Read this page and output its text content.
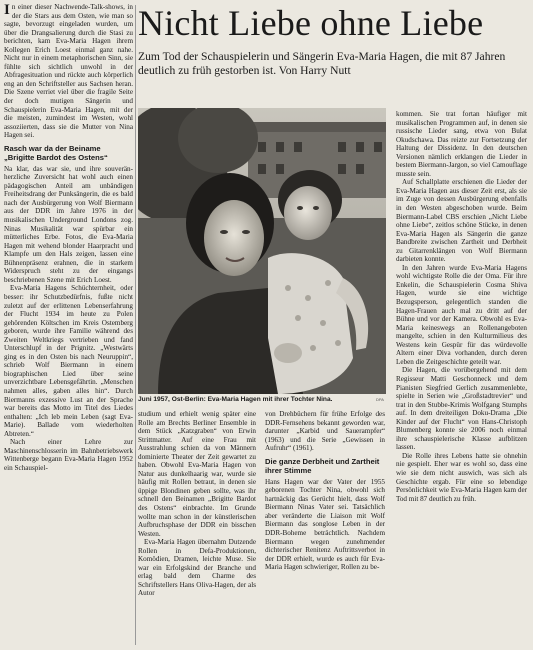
In einer dieser Nachwende-Talk-shows, in der die Stars aus dem Osten, wie man so sagte, bevorzugt eingeladen wurden, um über die Drangsalierung durch die Stasi zu berichten, kam Eva-Maria Hagen ihrem Kollegen Erich Loest einmal ganz nahe. Nicht nur in einem metaphorischen Sinn, sie fühlte sich sichtlich unwohl in der Abfragesituation und rückte auch körperlich eng an den Schriftsteller aus Sachsen heran. Die Szene verriet viel über die fragile Seite der doch mutigen Sängerin und Schauspielerin Eva-Maria Hagen, mit der die meisten, zumindest im Westen, wohl assoziierten, dass sie die Mutter von Nina Hagen sei.

Rasch war da der Beiname „Brigitte Bardot des Ostens“

Na klar, das war sie, und ihre souverän-herzliche Zuversicht hat wohl auch einen pädagogischen Anteil am unbändigen Freiheitsdrang der Punksängerin, die es bald nach der Ausbürgerung von Wolf Biermann aus der DDR im Jahre 1976 in der musikalischen Underground Londons zog. Ninas Musikalität war spürbar ein mütterliches Erbe. Fotos, die Eva-Maria Hagen mit wehend blonder Haarpracht und Klampfe um den Hals zeigen, lassen eine Bühnenpräsenz erahnen, die in starkem Widerspruch steht zu der eingangs beschriebenen Szene mit Erich Loest.

Eva-Maria Hagens Schüchternheit, oder besser: ihr Schutzbedürfnis, fußte nicht zuletzt auf der erlittenen Lebenserfahrung der Flucht 1934 im heute zu Polen gehörenden Költschen im Kreis Ostemberg geboren, wurde ihre Familie während des Zweiten Weltkriegs vertrieben und fand Unterschlupf in der Prignitz. „Westwärts ging es in den Osten bis nach Neuruppin“, schrieb Wolf Biermann in einem biographischen Lied über seine unverzichtbare Lebensgefährtin. „Menschen nahmen alles, gaben alles hin“. Durch Biermanns exzessive Lust an der Sprache war bereits das Motto im Titel des Liedes enthalten: „Ich leb mein Leben (sagt Eva-Marie). Ballade vom wiederholten Abtreten.“

Nach einer Lehre zur Maschinenschlosserin im Bahnbetriebswerk Wittenberge begann Eva-Maria Hagen 1952 ein Schauspiel-

Nicht Liebe ohne Liebe

Zum Tod der Schauspielerin und Sängerin Eva-Maria Hagen, die mit 87 Jahren deutlich zu früh gestorben ist. Von Harry Nutt

Juni 1957, Ost-Berlin: Eva-Maria Hagen mit ihrer Tochter Nina.	DPA

studium und erhielt wenig später eine Rolle am Brechts Berliner Ensemble in dem Stück „Katzgraben“ von Erwin Strittmatter. Auf eine Frau mit Ausstrahlung schien da von Männern dominierte Theater der Zeit gewartet zu haben. Obwohl Eva-Maria Hagen von Natur aus dunkelhaarig war, wurde sie häufig mit Rollen betraut, in denen sie üppige Blondinen geben sollte, was ihr schnell den Beinamen „Brigitte Bardot des Ostens“ einbrachte. Im Grunde wollte man schon in der künstlerischen Aufbruchsphase der DDR ein bisschen Westen.

Eva-Maria Hagen übernahm Dutzende Rollen in Defa-Produktionen, Komödien, Dramen, leichte Muse. Sie war ein Erfolgskind der Branche und erlag bald dem Charme des Schriftstellers Hans Oliva-Hagen, der als Autor

von Drehbüchern für frühe Erfolge des DDR-Fernsehens bekannt geworden war, darunter „Karbid und Sauerampfer“ (1963) und die Serie „Gewissen in Aufruhr“ (1961).

Die ganze Derbheit und Zartheit ihrer Stimme

Hans Hagen war der Vater der 1955 geborenen Tochter Nina, obwohl sich hartnäckig das Gerücht hielt, dass Wolf Biermann Ninas Vater sei. Tatsächlich aber veränderte die Liaison mit Wolf Biermann das songlose Leben in der DDR-Boheme beträchtlich. Nachdem Biermann wegen zunehmender dichterischer Renitenz Auftrittsverbot in der DDR erhielt, wurde es auch für Eva-Maria Hagen schwieriger, Rollen zu be-

kommen. Sie trat fortan häufiger mit musikalischen Programmen auf, in denen sie russische Lieder sang, etwa von Bulat Okudschawa. Das reizte zur Fortsetzung der Haltung der Dissidenz. In den deutschen Versionen nämlich erklangen die Lieder in bestem Biermann-Jargon, so viel Camouflage musste sein.

Auf Schallplatte erschienen die Lieder der Eva-Maria Hagen aus dieser Zeit erst, als sie im Zuge von dessen Ausbürgerung ebenfalls in den Westen abgeschoben wurde. Beim Biermann-Label CBS erschien „Nicht Liebe ohne Liebe“, zeitlos schöne Stücke, in denen Eva-Maria Hagen als Sängerin die ganze Bandbreite zwischen Zartheit und Derbheit zu Gitarrenklängen von Wolf Biermann darbieten konnte.

In den Jahren wurde Eva-Maria Hagens wohl wichtigste Rolle die der Oma. Für ihre Enkelin, die Schauspielerin Cosma Shiva Hagen, wurde sie eine wichtige Bezugsperson, gelegentlich standen die Hagen-Frauen auch mal zu dritt auf der Bühne und vor der Kamera. Obwohl es Eva-Maria keineswegs an Rollenangeboten mangelte, schien in den Kulturmilieus des Westens kein Gespür für das würdevolle Altern einer Diva vorhanden, durch deren Leben die Zeitgeschichte geteilt war.

Die Hagen, die vorübergehend mit dem Regisseur Matti Geschonneck und dem Pianisten Siegfried Gerlich zusammenlebte, spielte in Serien wie „Großstadtrevier“ und trat in den Stubbe-Krimis Wolfgang Stumphs auf. In dem dreiteiligen Doku-Drama „Die Kinder auf der Flucht“ von Hans-Christoph Blumenberg konnte sie 2006 noch einmal ihre schauspielerische Klasse aufblitzen lassen.

Die Rolle ihres Lebens hatte sie ohnehin nie gespielt. Eher war es wohl so, dass eine wie sie dem nicht auswich, was sich als Geschichte ergab. Für eine so lebendige Persönlichkeit wie Eva-Maria Hagen kam der Tod mit 87 deutlich zu früh.
